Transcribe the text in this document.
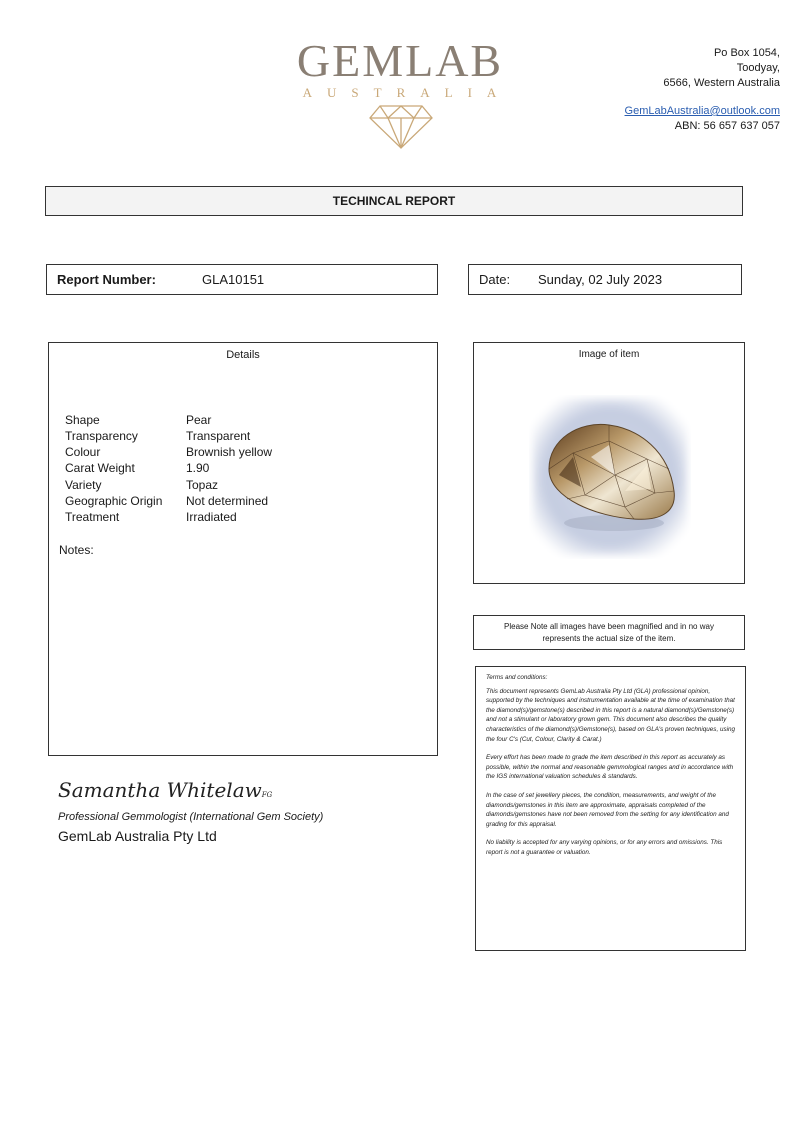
GEMLAB
AUSTRALIA
Po Box 1054,
Toodyay,
6566, Western Australia
GemLabAustralia@outlook.com
ABN: 56 657 637 057
TECHINCAL REPORT
Report Number:	GLA10151	Date: Sunday, 02 July 2023
Details
Shape	Pear
Transparency	Transparent
Colour	Brownish yellow
Carat Weight	1.90
Variety	Topaz
Geographic Origin Not determined
Treatment	Irradiated
Notes:
Image of item
Please Note all images have been magnified and in no way represents the actual size of the item.

Terms and conditions:

This document represents GemLab Australia Pty Ltd (GLA) professional opinion, supported by the techniques and instrumentation available at the time of examination that the diamond(s)/gemstone(s) described in this report is a natural diamond(s)/Gemstone(s) and not a stimulant or laboratory grown gem. This document also describes the quality characteristics of the diamond(s)/Gemstone(s), based on GLA's proven techniques, using the four C's (Cut, Colour, Clarity & Carat.)

Every effort has been made to grade the item described in this report as accurately as possible, within the normal and reasonable gemmological ranges and in accordance with the IGS international valuation schedules & standards.

In the case of set jewellery pieces, the condition, measurements, and weight of the diamonds/gemstones in this item are approximate, appraisals completed of the diamonds/gemstones have not been removed from the setting for any identification and grading for this appraisal.

No liability is accepted for any varying opinions, or for any errors and omissions. This report is not a guarantee or valuation.

Samantha WhitelawFG
Professional Gemmologist (International Gem Society)
GemLab Australia Pty Ltd
